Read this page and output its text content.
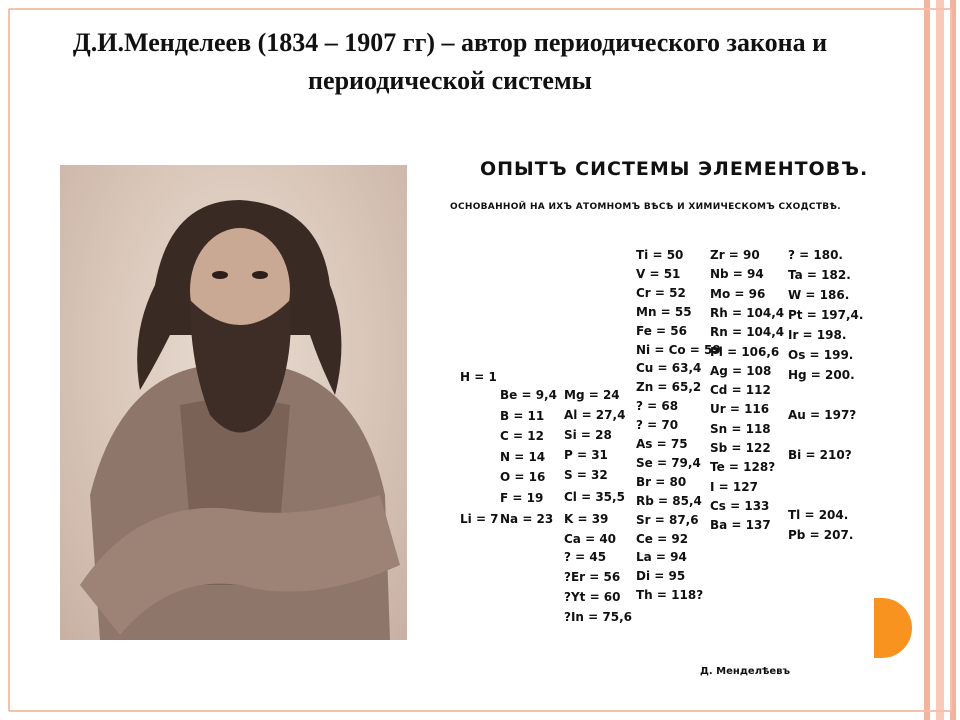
Д.И.Менделеев (1834 – 1907 гг) – автор периодического закона и периодической системы
ОПЫТЪ СИСТЕМЫ ЭЛЕМЕНТОВЪ.
ОСНОВАННОЙ НА ИХЪ АТОМНОМЪ ВѢСѢ И ХИМИЧЕСКОМЪ СХОДСТВѢ.
H = 1
Li = 7
Be = 9,4
B = 11
C = 12
N = 14
O = 16
F = 19
Na = 23
Mg = 24
Al = 27,4
Si = 28
P = 31
S = 32
Cl = 35,5
K = 39
Ca = 40
? = 45
?Er = 56
?Yt = 60
?In = 75,6
Ti = 50
V = 51
Cr = 52
Mn = 55
Fe = 56
Ni = Co = 59
Cu = 63,4
Zn = 65,2
? = 68
? = 70
As = 75
Se = 79,4
Br = 80
Rb = 85,4
Sr = 87,6
Ce = 92
La = 94
Di = 95
Th = 118?
Zr = 90
Nb = 94
Mo = 96
Rh = 104,4
Rn = 104,4
Pl = 106,6
Ag = 108
Cd = 112
Ur = 116
Sn = 118
Sb = 122
Te = 128?
I = 127
Cs = 133
Ba = 137
? = 180.
Ta = 182.
W = 186.
Pt = 197,4.
Ir = 198.
Os = 199.
Hg = 200.
Au = 197?
Bi = 210?
Tl = 204.
Pb = 207.
Д. Менделѣевъ
